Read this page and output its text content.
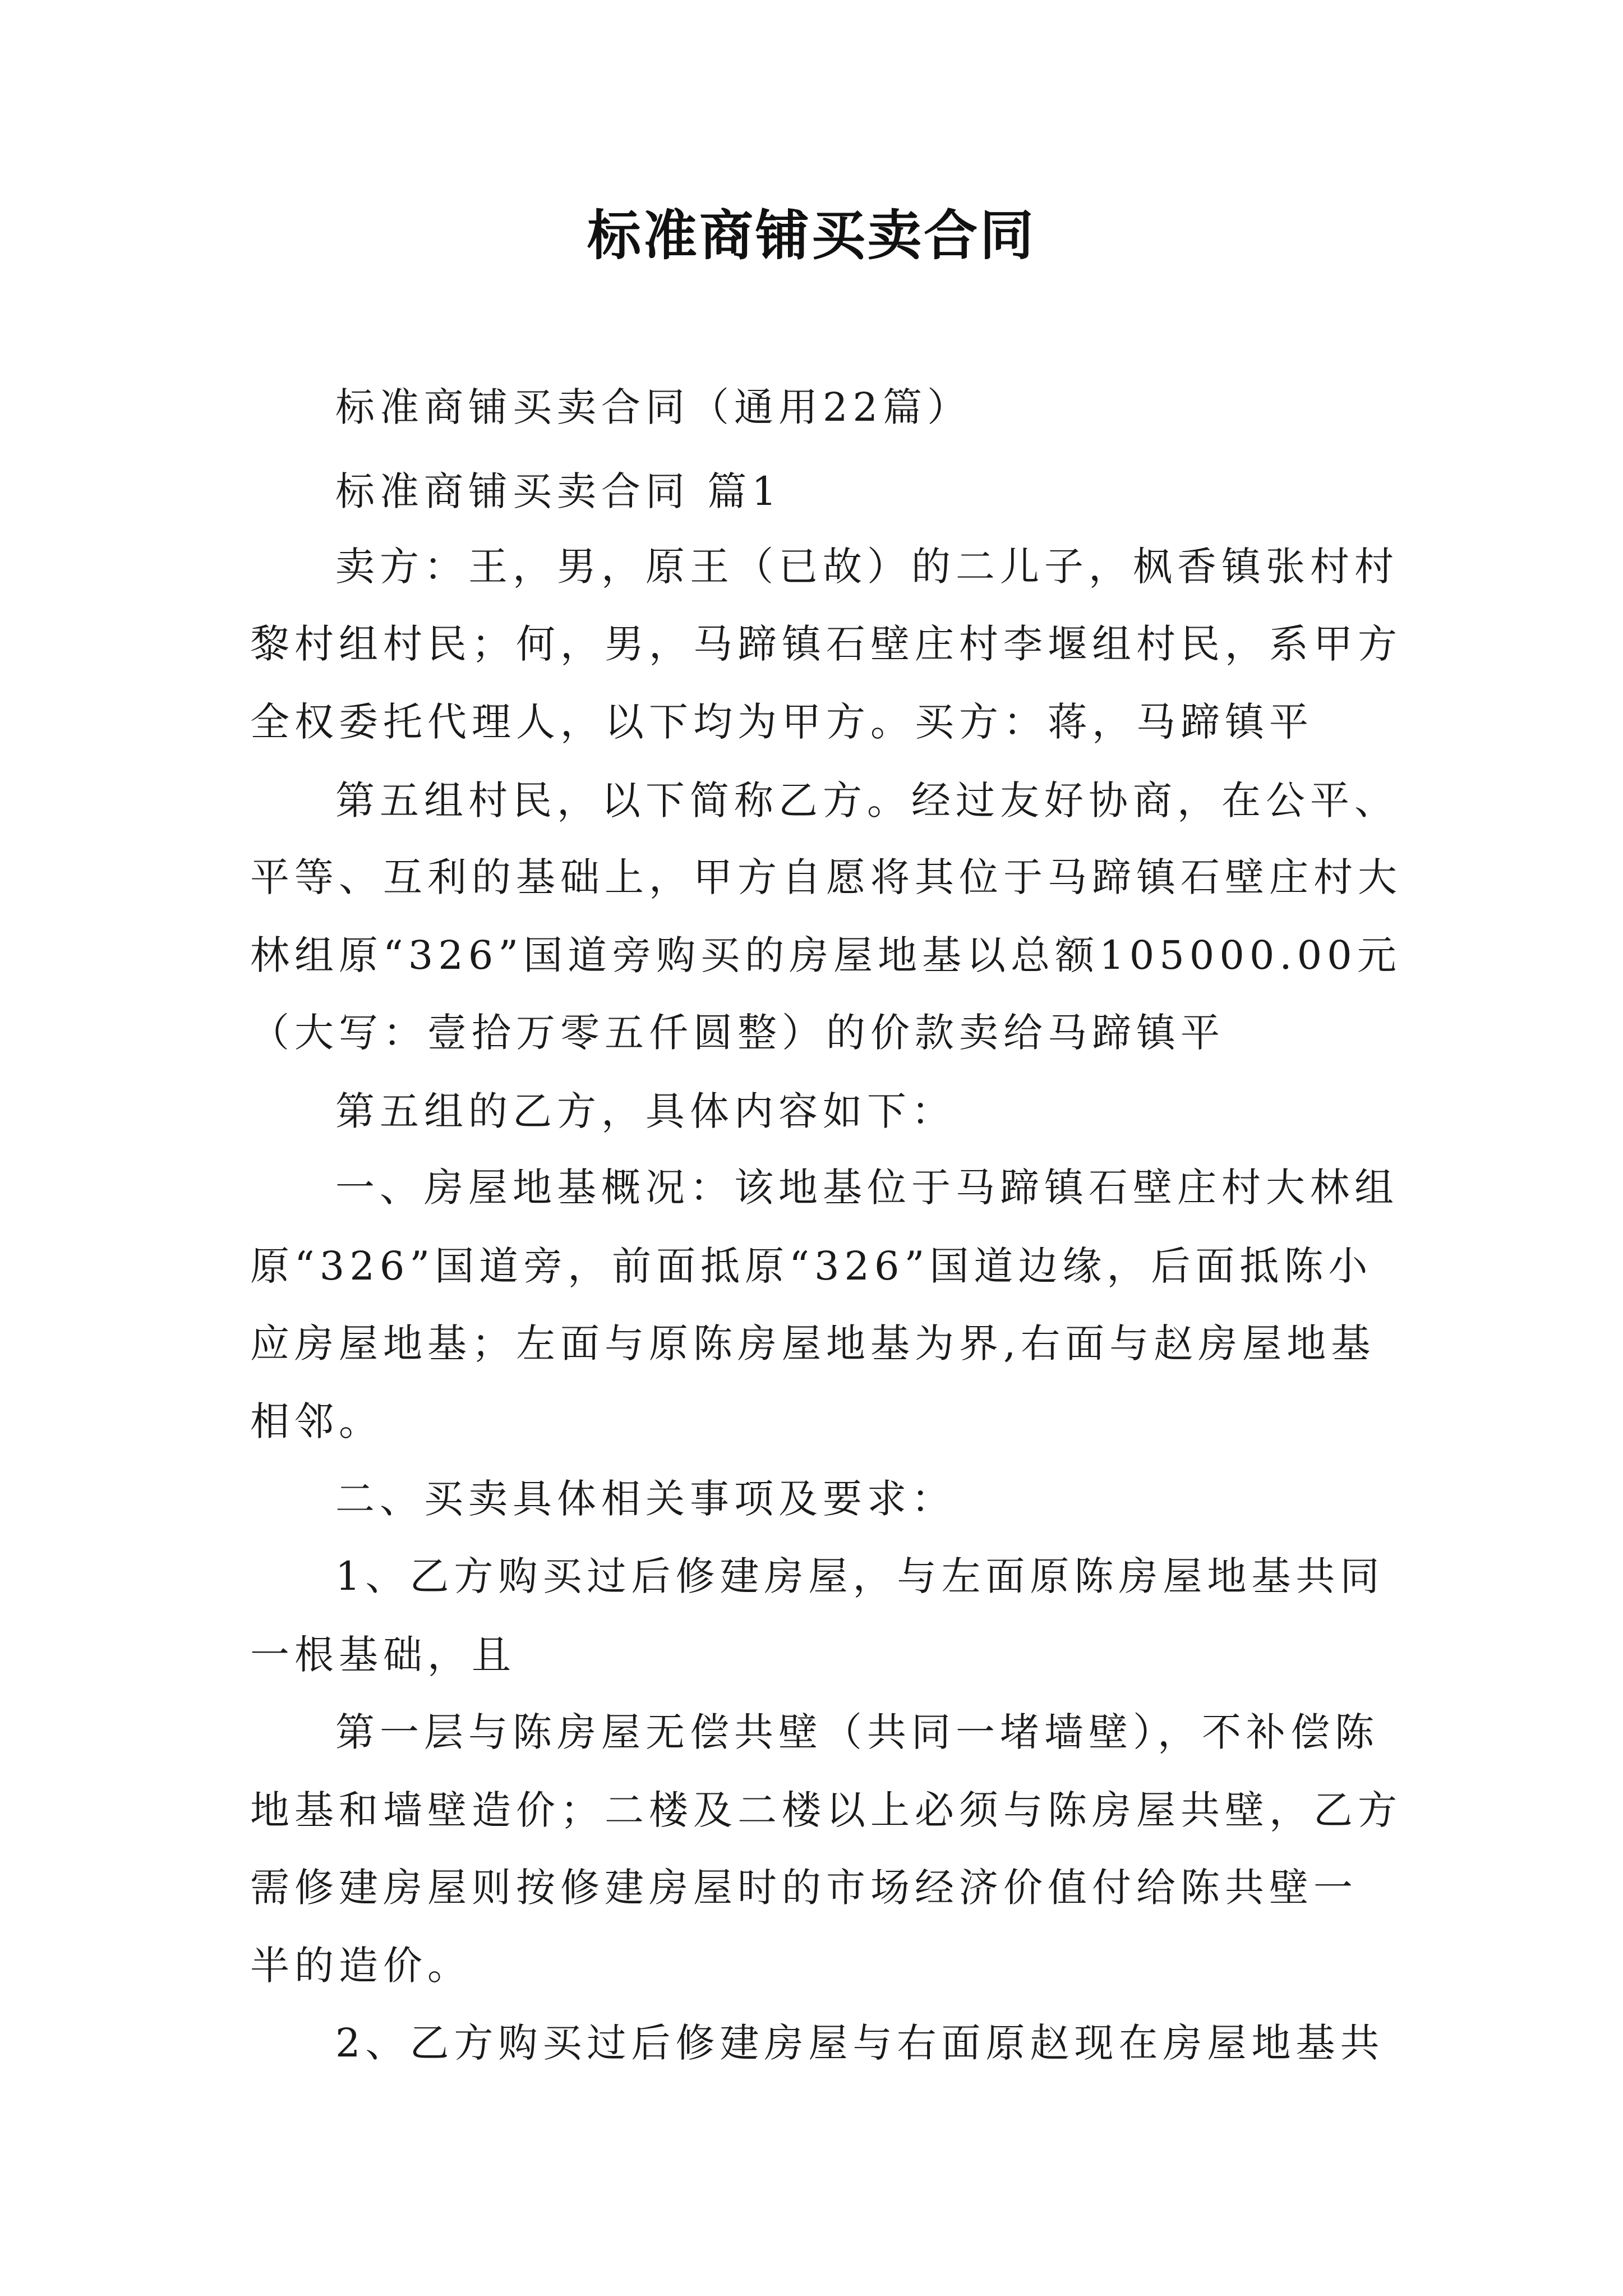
标准商铺买卖合同
标准商铺买卖合同（通用22篇）
标准商铺买卖合同 篇1
卖方：王，男，原王（已故）的二儿子，枫香镇张村村
黎村组村民；何，男，马蹄镇石壁庄村李堰组村民，系甲方
全权委托代理人，以下均为甲方。买方：蒋，马蹄镇平
第五组村民，以下简称乙方。经过友好协商，在公平、
平等、互利的基础上，甲方自愿将其位于马蹄镇石壁庄村大
林组原“326”国道旁购买的房屋地基以总额105000.00元
（大写：壹拾万零五仟圆整）的价款卖给马蹄镇平
第五组的乙方，具体内容如下：
一、房屋地基概况：该地基位于马蹄镇石壁庄村大林组
原“326”国道旁，前面抵原“326”国道边缘，后面抵陈小
应房屋地基；左面与原陈房屋地基为界,右面与赵房屋地基
相邻。
二、买卖具体相关事项及要求：
1、乙方购买过后修建房屋，与左面原陈房屋地基共同
一根基础，且
第一层与陈房屋无偿共壁（共同一堵墙壁），不补偿陈
地基和墙壁造价；二楼及二楼以上必须与陈房屋共壁，乙方
需修建房屋则按修建房屋时的市场经济价值付给陈共壁一
半的造价。
2、乙方购买过后修建房屋与右面原赵现在房屋地基共
